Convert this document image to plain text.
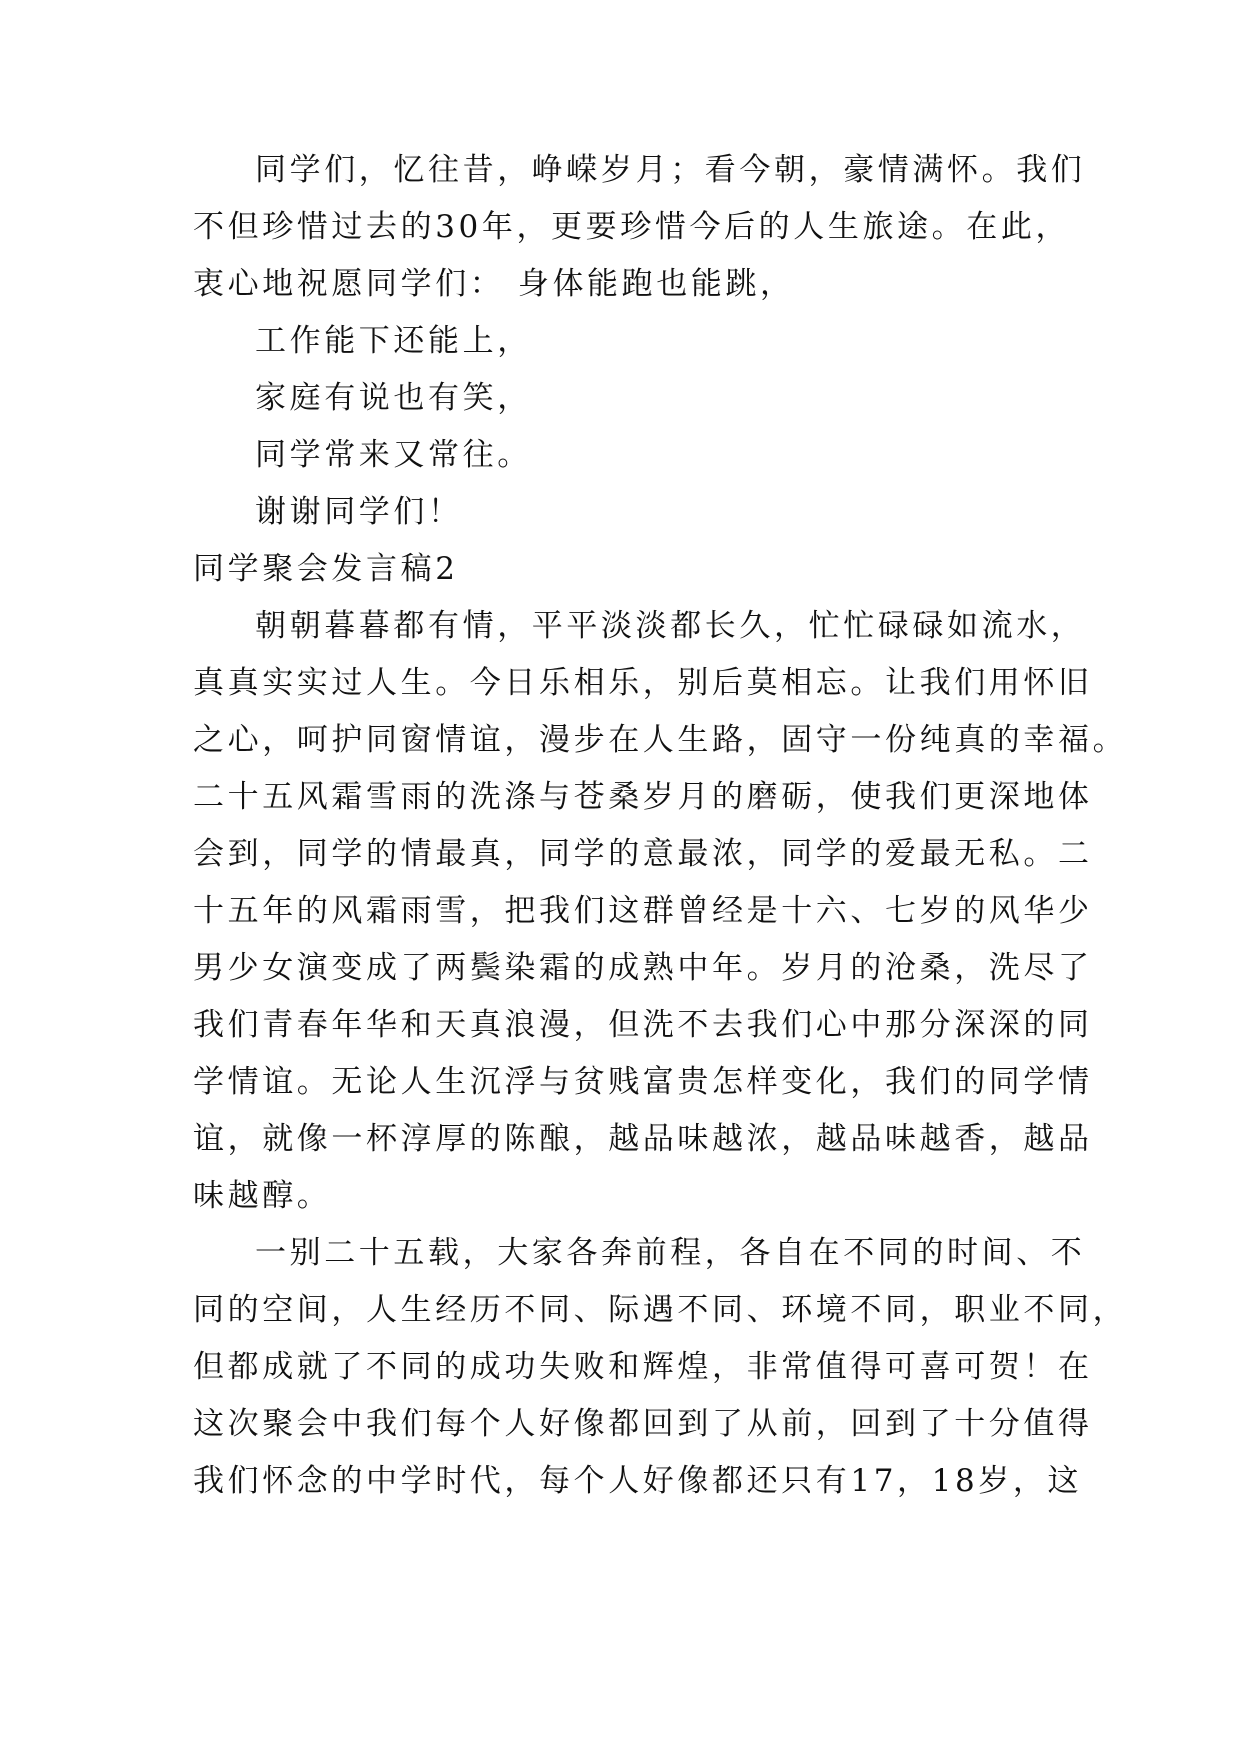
同学们，忆往昔，峥嵘岁月；看今朝，豪情满怀。我们
不但珍惜过去的30年，更要珍惜今后的人生旅途。在此，
衷心地祝愿同学们： 身体能跑也能跳，
工作能下还能上，
家庭有说也有笑，
同学常来又常往。
谢谢同学们！
同学聚会发言稿2
朝朝暮暮都有情，平平淡淡都长久，忙忙碌碌如流水，
真真实实过人生。今日乐相乐，别后莫相忘。让我们用怀旧
之心，呵护同窗情谊，漫步在人生路，固守一份纯真的幸福。
二十五风霜雪雨的洗涤与苍桑岁月的磨砺，使我们更深地体
会到，同学的情最真，同学的意最浓，同学的爱最无私。二
十五年的风霜雨雪，把我们这群曾经是十六、七岁的风华少
男少女演变成了两鬓染霜的成熟中年。岁月的沧桑，洗尽了
我们青春年华和天真浪漫，但洗不去我们心中那分深深的同
学情谊。无论人生沉浮与贫贱富贵怎样变化，我们的同学情
谊，就像一杯淳厚的陈酿，越品味越浓，越品味越香，越品
味越醇。
一别二十五载，大家各奔前程，各自在不同的时间、不
同的空间，人生经历不同、际遇不同、环境不同，职业不同，
但都成就了不同的成功失败和辉煌，非常值得可喜可贺！在
这次聚会中我们每个人好像都回到了从前，回到了十分值得
我们怀念的中学时代，每个人好像都还只有17，18岁，这
